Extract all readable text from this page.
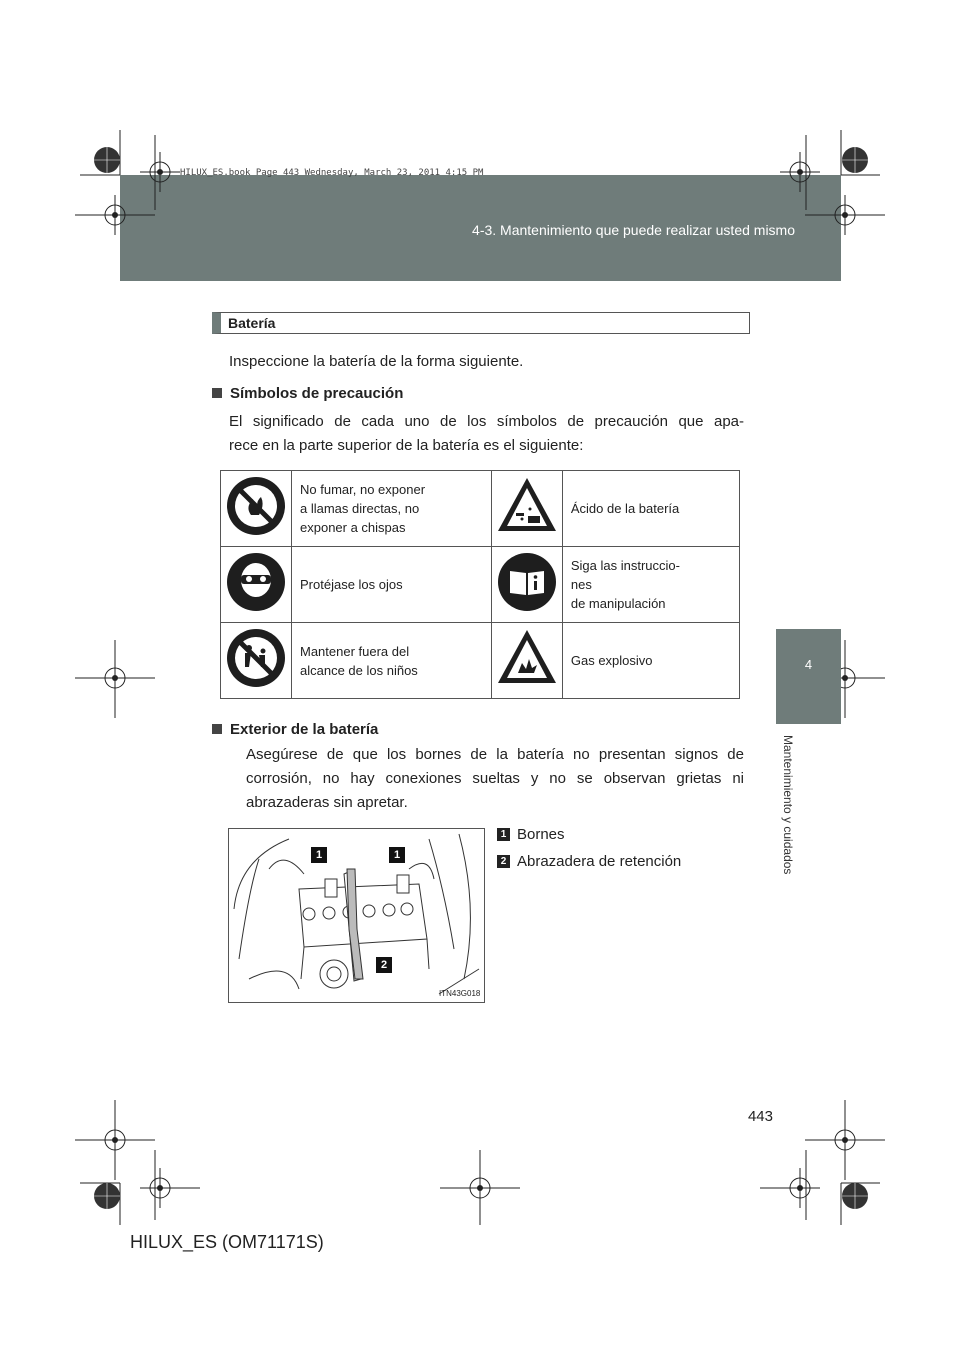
4-3. Mantenimiento que puede realizar usted mismo
HILUX_ES.book Page 443 Wednesday, March 23, 2011 4:15 PM
4
Mantenimiento y cuidados
Batería
Inspeccione la batería de la forma siguiente.
Símbolos de precaución
El significado de cada uno de los símbolos de precaución que apa-
rece en la parte superior de la batería es el siguiente:

No fumar, no exponer
a llamas directas, no
exponer a chispas		Ácido de la batería

Protéjase los ojos		Siga las instruccio-
nes
de manipulación

Mantener fuera del
alcance de los niños		Gas explosivo
Exterior de la batería
Asegúrese de que los bornes de la batería no presentan signos de
corrosión, no hay conexiones sueltas y no se observan grietas ni
abrazaderas sin apretar.
1	1
2
ITN43G018
1 Bornes
2 Abrazadera de retención
443
HILUX_ES (OM71171S)
